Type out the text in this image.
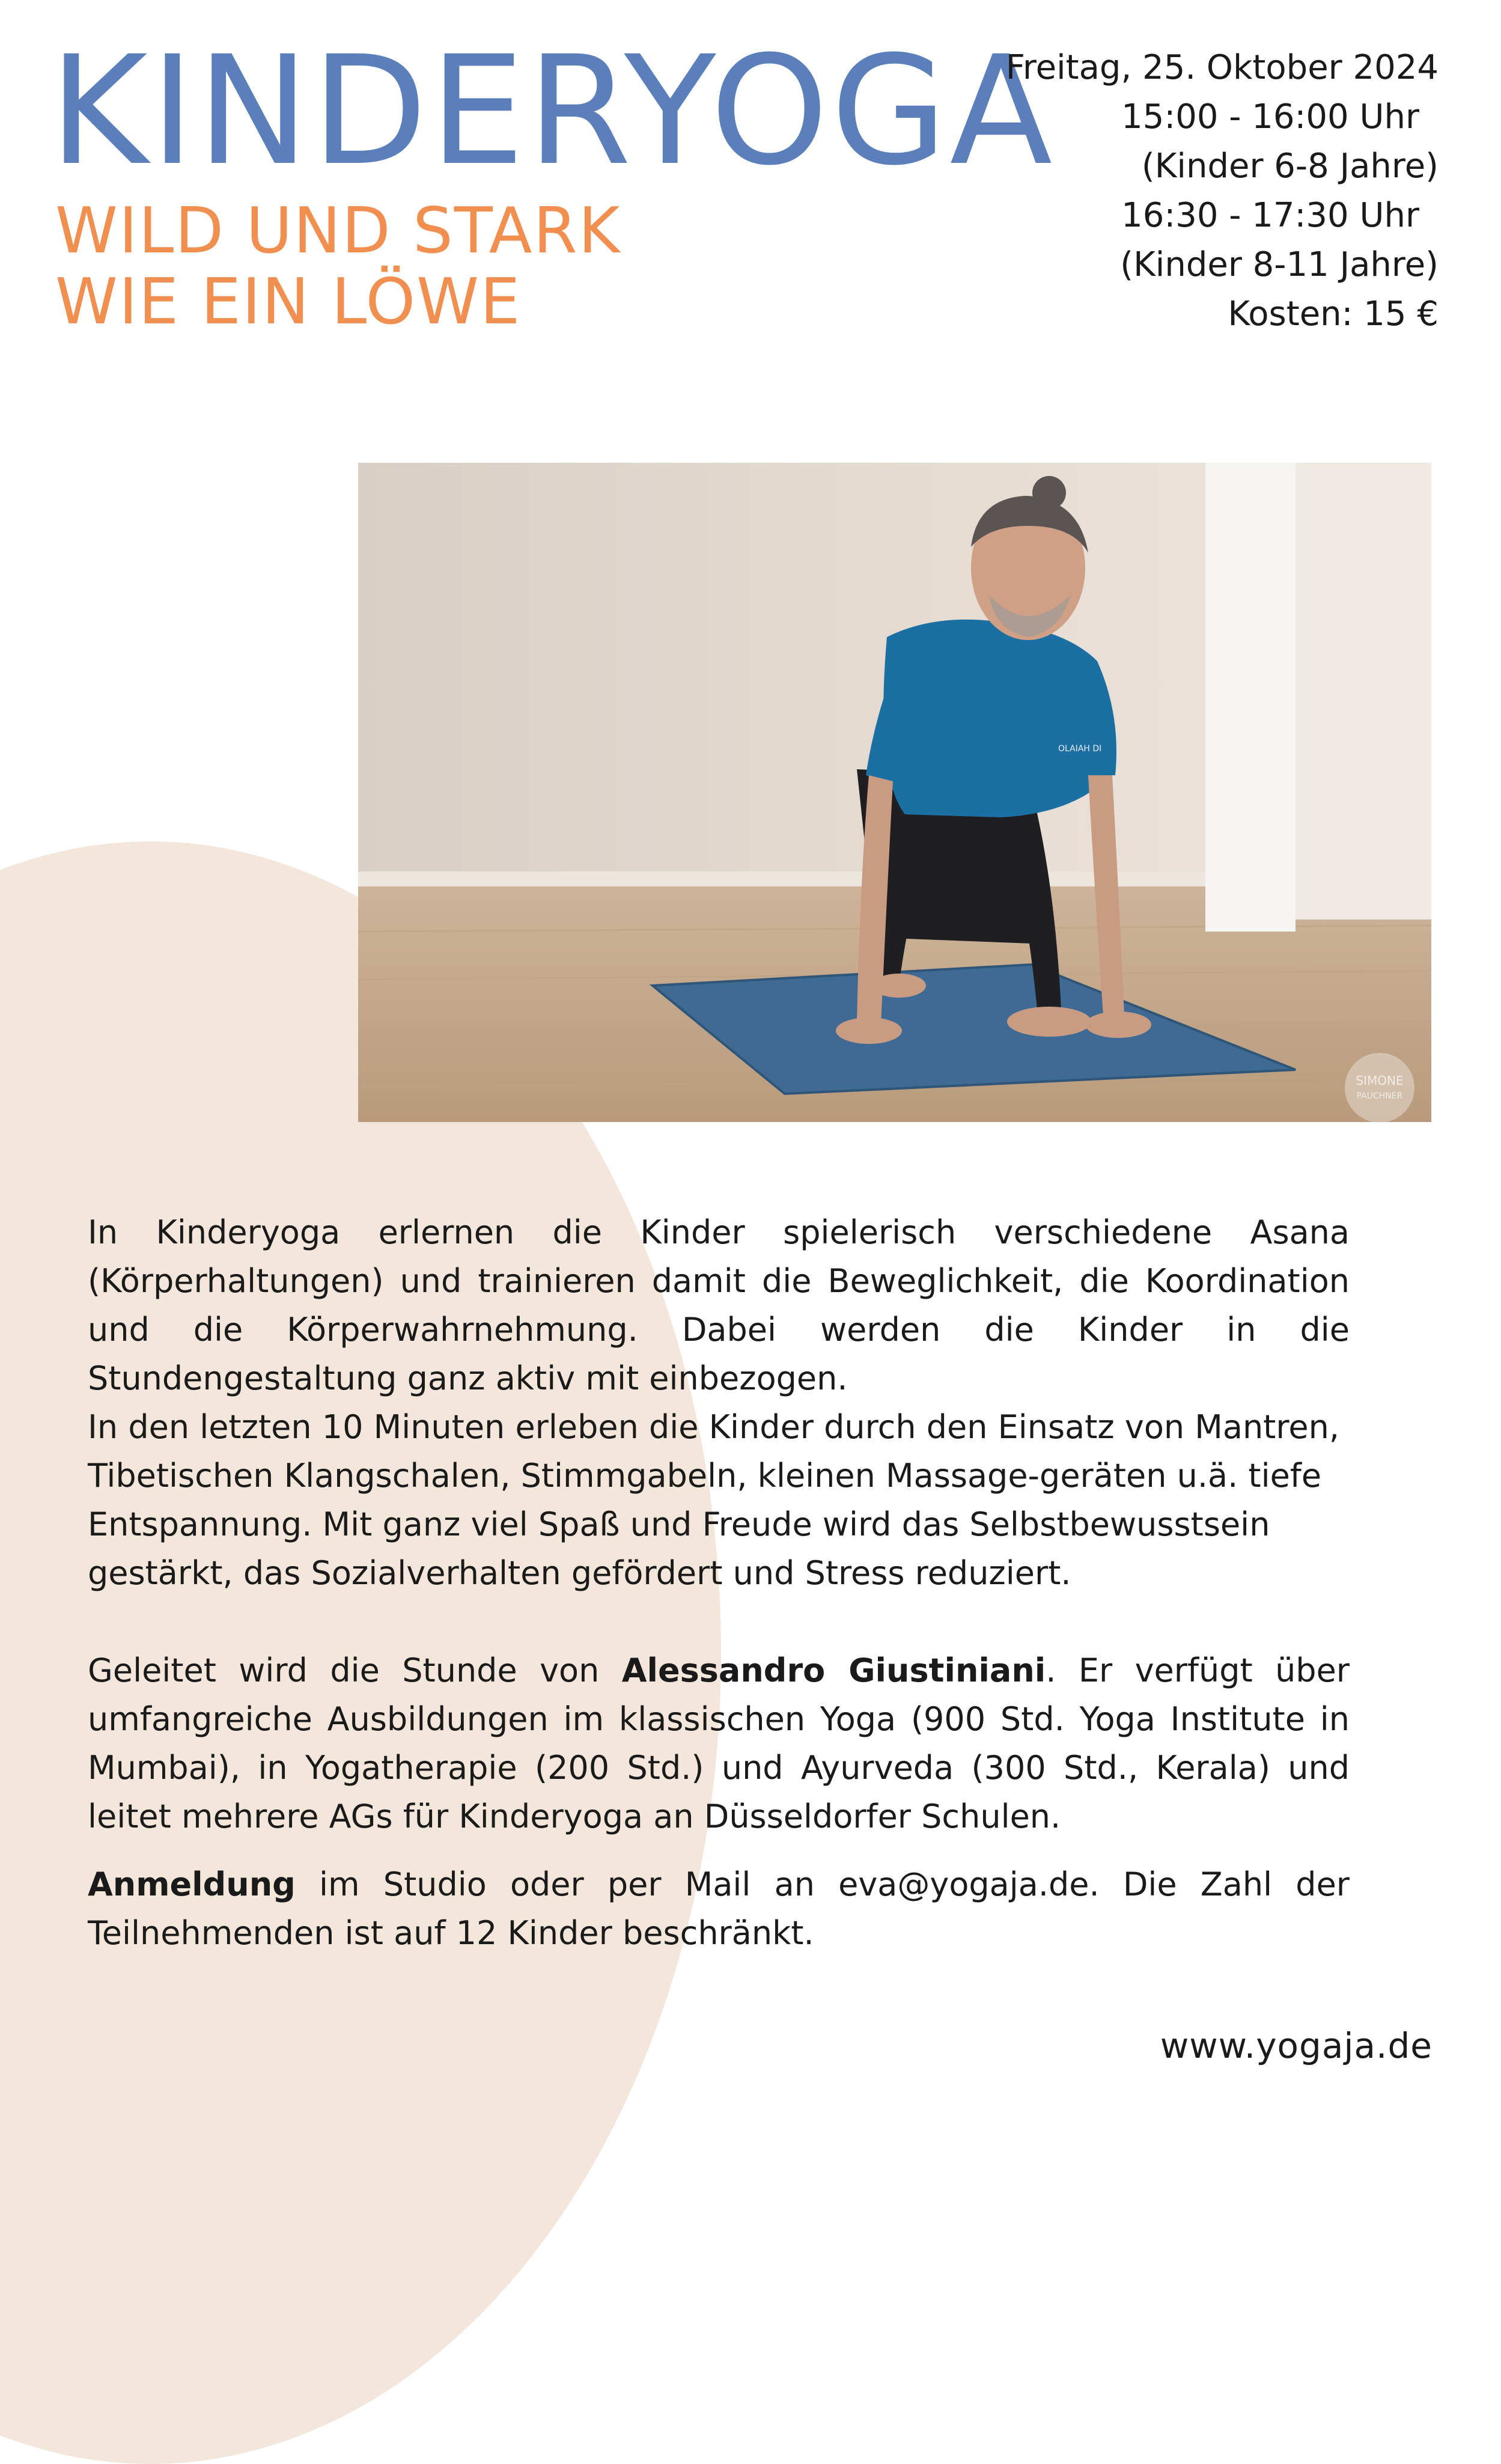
KINDERYOGA
WILD UND STARK
WIE EIN LÖWE
Freitag, 25. Oktober 2024
15:00 - 16:00 Uhr
(Kinder 6-8 Jahre)
16:30 - 17:30 Uhr
(Kinder 8-11 Jahre)
Kosten: 15 €
OLAIAH DI
SIMONE
PAUCHNER

In Kinderyoga erlernen die Kinder spielerisch verschiedene Asana (Körperhaltungen) und trainieren damit die Beweglichkeit, die Koordination und die Körperwahrnehmung. Dabei werden die Kinder in die Stundengestaltung ganz aktiv mit einbezogen.

In den letzten 10 Minuten erleben die Kinder durch den Einsatz von Mantren, Tibetischen Klangschalen, Stimmgabeln, kleinen Massage-geräten u.ä. tiefe Entspannung. Mit ganz viel Spaß und Freude wird das Selbstbewusstsein gestärkt, das Sozialverhalten gefördert und Stress reduziert.

Geleitet wird die Stunde von Alessandro Giustiniani. Er verfügt über umfangreiche Ausbildungen im klassischen Yoga (900 Std. Yoga Institute in Mumbai), in Yogatherapie (200 Std.) und Ayurveda (300 Std., Kerala) und leitet mehrere AGs für Kinderyoga an Düsseldorfer Schulen.

Anmeldung im Studio oder per Mail an eva@yogaja.de. Die Zahl der Teilnehmenden ist auf 12 Kinder beschränkt.

www.yogaja.de
